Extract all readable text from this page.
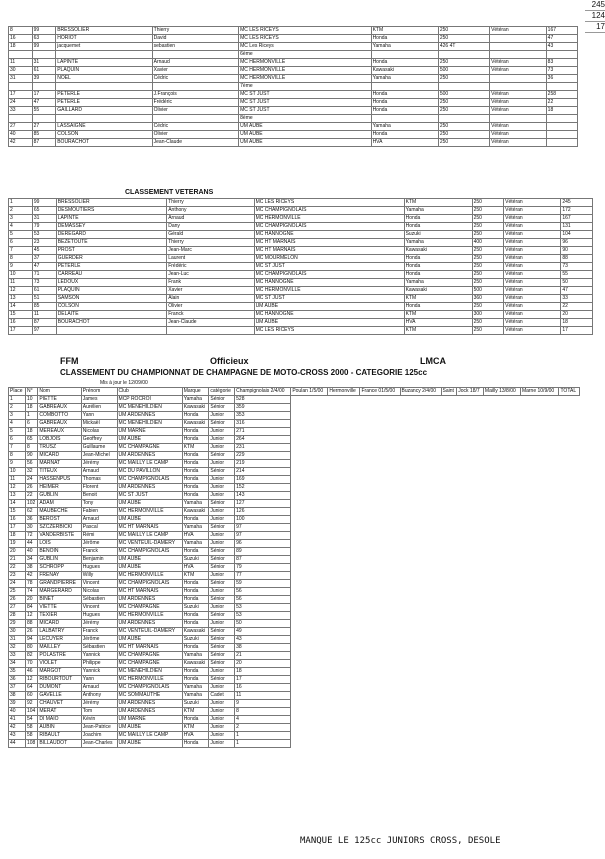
245
124
17
8	99	BRESSOLIER	Thierry	MC LES RICEYS	KTM	250	Vétéran	167
16	63	HORIOT	David	MC LES RICEYS	Honda	250		47
18	99	jacquemet	sebastien	MC Les Riceys	Yamaha	426 4T		43
				6ème				
11	31	LAPINTE	Arnaud	MC HERMONVILLE	Honda	250	Vétéran	83
30	61	PLAQUIN	Xavier	MC HERMONVILLE	Kawasaki	500	Vétéran	73
31	39	NOEL	Cédric	MC HERMONVILLE	Yamaha	250		36
				7ème				
17	17	PETERLE	J.François	MC ST JUST	Honda	500	Vétéran	258
24	47	PETERLE	Frédéric	MC ST JUST	Honda	250	Vétéran	22
33	55	GAILLARD	Olivier	MC ST JUST	Honda	250	Vétéran	18
				8ème				
27	27	LASSAIGNE	Cédric	UM AUBE	Yamaha	250	Vétéran	
40	85	COLSON	Olivier	UM AUBE	Honda	250	Vétéran	
42	87	BOURACHOT	Jean-Claude	UM AUBE	HVA	250	Vétéran	
CLASSEMENT VETERANS
1	99	BRESSOLIER	Thierry	MC LES RICEYS	KTM	250	Vétéran	245
2	65	DESMOUTIERS	Anthony	MC CHAMPIGNOLAIS	Yamaha	250	Vétéran	172
3	31	LAPINTE	Arnaud	MC HERMONVILLE	Honda	250	Vétéran	167
4	79	DEMASSEY	Dany	MC CHAMPIGNOLAIS	Honda	250	Vétéran	131
5	53	DEREGARD	Gérald	MC HANNOGNE	Suzuki	250	Vétéran	104
6	23	BEZETOUTE	Thierry	MC HT MARNAIS	Yamaha	400	Vétéran	96
7	45	PROST	Jean-Marc	MC HT MARNAIS	Kawasaki	250	Vétéran	90
8	37	GUERDER	Laurent	MC MOURMELON	Honda	250	Vétéran	88
9	47	PETERLE	Frédéric	MC ST JUST	Honda	250	Vétéran	73
10	71	CARREAU	Jean-Luc	MC CHAMPIGNOLAIS	Honda	250	Vétéran	55
11	73	LEDOUX	Frank	MC HANNOGNE	Yamaha	250	Vétéran	50
12	61	PLAQUIN	Xavier	MC HERMONVILLE	Kawasaki	500	Vétéran	47
13	51	SAMSON	Alain	MC ST JUST	KTM	360	Vétéran	33
14	85	COLSON	Olivier	UM AUBE	Honda	250	Vétéran	22
15	11	DELAITE	Franck	MC HANNOGNE	KTM	300	Vétéran	20
16	87	BOURACHOT	Jean-Claude	UM AUBE	HVA	250	Vétéran	18
17	97			MC LES RICEYS	KTM	250	Vétéran	17
FFM	Officieux	LMCA
CLASSEMENT DU CHAMPIONNAT DE CHAMPAGNE DE MOTO-CROSS 2000 - CATEGORIE 125cc
Mis à jour le 12/09/00
Place	N°	Nom	Prénom	Club	Marque	catégorie	Champignolais 2/4/00	Poulan 1/5/00	Hermonville	France 01/5/00	Buzancy 2/4/00	Saint	Jock 18/7	Mailly 13/8/00	Marne 10/9/00	TOTAL
1	10	PIETTE	James	MCP ROCROI	Yamaha	Sénior	528									
2	18	GABREAUX	Aurélien	MC MENEHILDIEN	Kawasaki	Sénior	359									
3	1	COMBOTTO	Yann	UM ARDENNES	Honda	Junior	353									
4	6	GABREAUX	Mickaël	MC MENEHILDIEN	Kawasaki	Sénior	316									
5	18	MEREAUX	Nicolas	UM MARNE	Honda	Junior	271									
6	65	LOBJOIS	Geoffrey	UM AUBE	Honda	Junior	264									
7	8	TRUSZ	Guillaume	MC CHAMPAGNE	KTM	Junior	231									
8	90	MICARD	Jean-Michel	UM ARDENNES	Honda	Sénior	229									
9	56	MARNAT	Jérémy	MC MAILLY LE CAMP	Honda	Junior	219									
10	32	TITEUX	Arnaud	MC DU PAVILLON	Honda	Sénior	214									
11	24	HASSENPUS	Thomas	MC CHAMPIGNOLAIS	Honda	Junior	169									
12	26	HEIMER	Florent	UM ARDENNES	Honda	Junior	152									
13	22	GUBLIN	Benoit	MC ST JUST	Honda	Junior	143									
14	102	ADAM	Tony	UM AUBE	Yamaha	Sénior	127									
15	62	MAUBECHE	Fabien	MC HERMONVILLE	Kawasaki	Junior	126									
16	36	BEROST	Arnaud	UM AUBE	Honda	Junior	100									
17	30	SZCZERBICKI	Pascal	MC HT MARNAIS	Yamaha	Sénior	97									
18	72	VANDERBISTE	Rémi	MC MAILLY LE CAMP	HVA	Junior	97									
19	44	LOIS	Jérôme	MC VENTEUIL-DAMERY	Yamaha	Junior	96									
20	40	BENOIN	Franck	MC CHAMPIGNOLAIS	Honda	Sénior	89									
21	34	GUBLIN	Benjamin	UM AUBE	Suzuki	Sénior	87									
22	38	SCHROPP	Hugues	UM AUBE	HVA	Sénior	79									
23	42	FRENAY	Willy	MC HERMONVILLE	KTM	Junior	77									
24	78	GRANDPIERRE	Vincent	MC CHAMPIGNOLAIS	Honda	Sénior	59									
25	74	MARGERARD	Nicolas	MC HT MARNAIS	Honda	Junior	56									
26	20	BINET	Sébastien	UM ARDENNES	Honda	Sénior	56									
27	84	VIETTE	Vincent	MC CHAMPAGNE	Suzuki	Junior	53									
28	12	TEXIER	Hugues	MC HERMONVILLE	Honda	Sénior	53									
29	88	MICARD	Jérémy	UM ARDENNES	Honda	Junior	50									
30	26	LALBATRY	Franck	MC VENTEUIL-DAMERY	Kawasaki	Sénior	49									
31	94	LECUYER	Jérôme	UM AUBE	Suzuki	Sénior	43									
32	80	MAILLEY	Sébastien	MC HT MARNAIS	Honda	Sénior	38									
33	82	POLASTRE	Yannick	MC CHAMPAGNE	Yamaha	Sénior	21									
34	70	VIOLET	Philippe	MC CHAMPAGNE	Kawasaki	Sénior	20									
35	46	MARGOT	Yannick	MC MENEHILDIEN	Honda	Junior	18									
36	12	RIBOURTOUT	Yann	MC HERMONVILLE	Honda	Sénior	17									
37	64	DUMONT	Arnaud	MC CHAMPIGNOLAIS	Yamaha	Junior	16									
38	60	GAVELLE	Anthony	MC SOMMAUTHE	Yamaha	Cadet	11									
39	92	CHAUVET	Jérémy	UM ARDENNES	Suzuki	Junior	9									
40	104	MERAT	Tom	UM ARDENNES	KTM	Junior	8									
41	54	DI MAIO	Kévin	UM MARNE	Honda	Junior	4									
42	58	AUBIN	Jean-Patrice	UM AUBE	KTM	Junior	2									
43	58	RIBAULT	Joachim	MC MAILLY LE CAMP	HVA	Junior	1									
44	108	BILLAUDOT	Jean-Charles	UM AUBE	Honda	Junior	1									
MANQUE LE 125cc JUNIORS CROSS, DESOLE
